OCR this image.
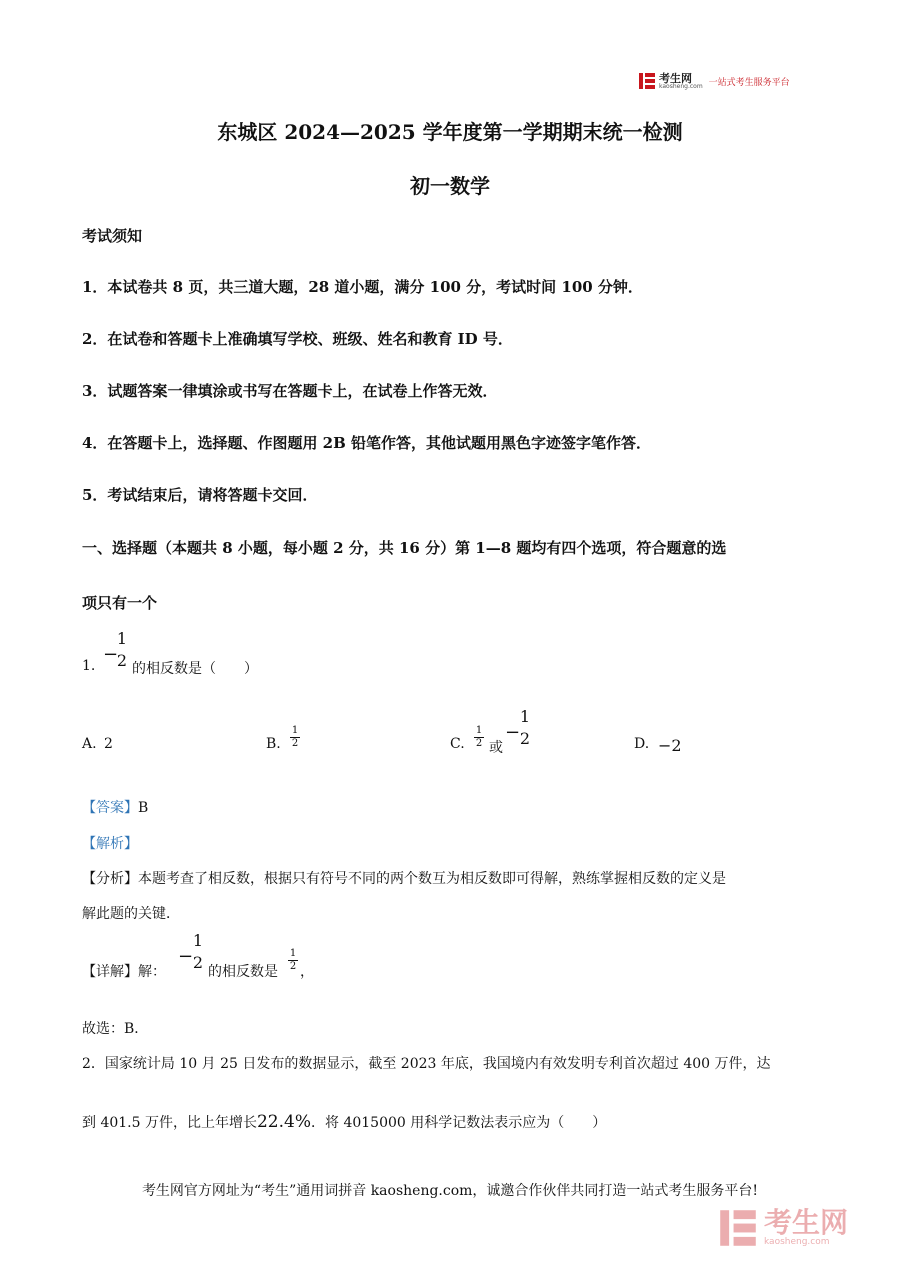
考生网
kaosheng.com 一站式考生服务平台
东城区 2024—2025 学年度第一学期期末统一检测
初一数学
考试须知
1．本试卷共 8 页，共三道大题，28 道小题，满分 100 分，考试时间 100 分钟．
2．在试卷和答题卡上准确填写学校、班级、姓名和教育 ID 号．
3．试题答案一律填涂或书写在答题卡上，在试卷上作答无效．
4．在答题卡上，选择题、作图题用 2B 铅笔作答，其他试题用黑色字迹签字笔作答．
5．考试结束后，请将答题卡交回．
一、选择题（本题共 8 小题，每小题 2 分，共 16 分）第 1—8 题均有四个选项，符合题意的选
项只有一个
1.
−
1
2 的相反数是（　　）
A. 2	B.
1
2	C.
1
2 或
−
1
2	D. −2
【答案】B
【解析】
【分析】本题考查了相反数，根据只有符号不同的两个数互为相反数即可得解，熟练掌握相反数的定义是
解此题的关键．
【详解】解：
−
1
2 的相反数是
1
2 ，
故选：B．
2．国家统计局 10 月 25 日发布的数据显示，截至 2023 年底，我国境内有效发明专利首次超过 400 万件，达
到 401.5 万件，比上年增长22.4%．将 4015000 用科学记数法表示应为（　　）
考生网官方网址为“考生”通用词拼音 kaosheng.com，诚邀合作伙伴共同打造一站式考生服务平台!
考生网
kaosheng.com
